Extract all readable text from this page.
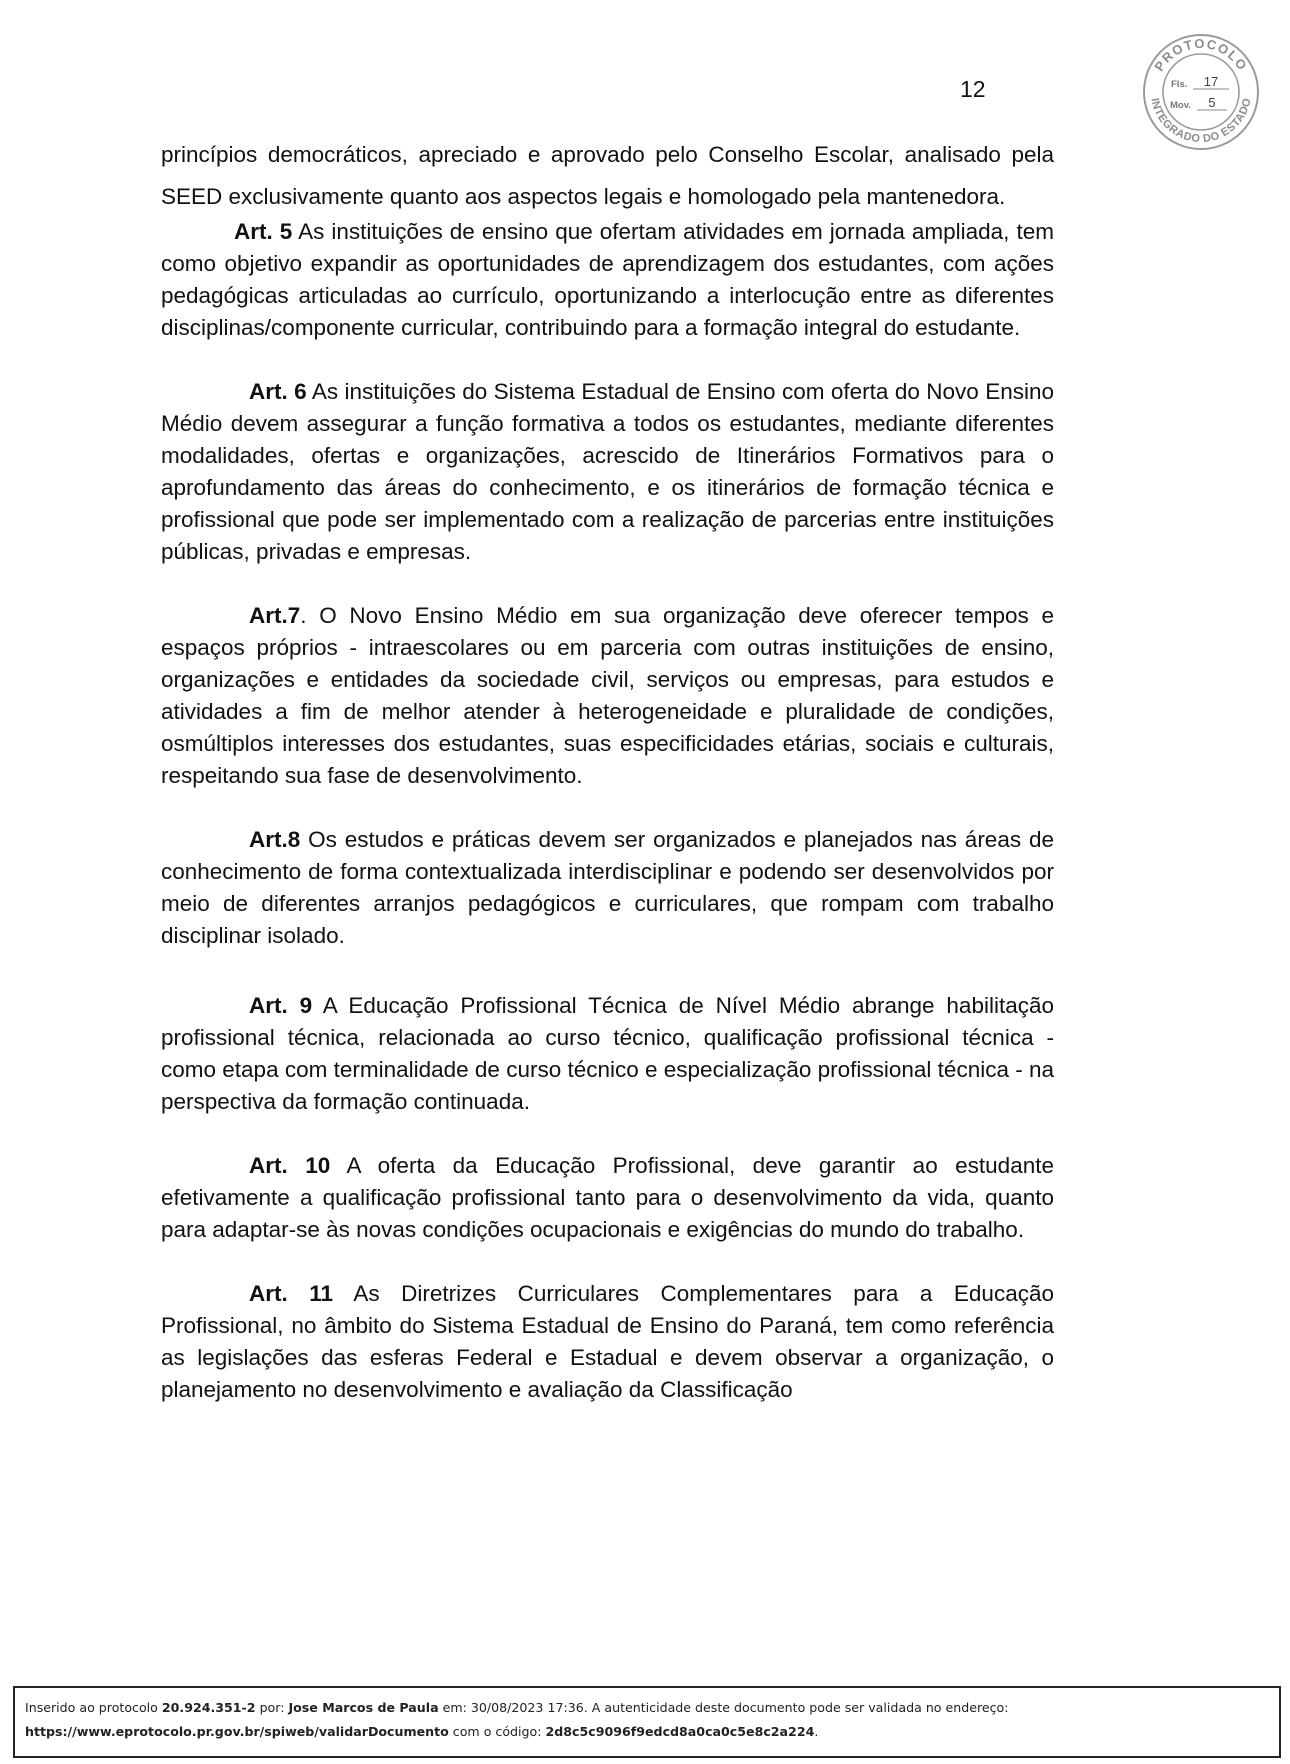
12
PROTOCOLO
INTEGRADO DO ESTADO
Fls. 17
Mov. 5

princípios democráticos, apreciado e aprovado pelo Conselho Escolar, analisado pela SEED exclusivamente quanto aos aspectos legais e homologado pela mantenedora.

Art. 5 As instituições de ensino que ofertam atividades em jornada ampliada, tem como objetivo expandir as oportunidades de aprendizagem dos estudantes, com ações pedagógicas articuladas ao currículo, oportunizando a interlocução entre as diferentes disciplinas/componente curricular, contribuindo para a formação integral do estudante.

Art. 6 As instituições do Sistema Estadual de Ensino com oferta do Novo Ensino Médio devem assegurar a função formativa a todos os estudantes, mediante diferentes modalidades, ofertas e organizações, acrescido de Itinerários Formativos para o aprofundamento das áreas do conhecimento, e os itinerários de formação técnica e profissional que pode ser implementado com a realização de parcerias entre instituições públicas, privadas e empresas.

Art.7. O Novo Ensino Médio em sua organização deve oferecer tempos e espaços próprios - intraescolares ou em parceria com outras instituições de ensino, organizações e entidades da sociedade civil, serviços ou empresas, para estudos e atividades a fim de melhor atender à heterogeneidade e pluralidade de condições, osmúltiplos interesses dos estudantes, suas especificidades etárias, sociais e culturais, respeitando sua fase de desenvolvimento.

Art.8 Os estudos e práticas devem ser organizados e planejados nas áreas de conhecimento de forma contextualizada interdisciplinar e podendo ser desenvolvidos por meio de diferentes arranjos pedagógicos e curriculares, que rompam com trabalho disciplinar isolado.

Art. 9 A Educação Profissional Técnica de Nível Médio abrange habilitação profissional técnica, relacionada ao curso técnico, qualificação profissional técnica - como etapa com terminalidade de curso técnico e especialização profissional técnica - na perspectiva da formação continuada.

Art. 10 A oferta da Educação Profissional, deve garantir ao estudante efetivamente a qualificação profissional tanto para o desenvolvimento da vida, quanto para adaptar-se às novas condições ocupacionais e exigências do mundo do trabalho.

Art. 11 As Diretrizes Curriculares Complementares para a Educação Profissional, no âmbito do Sistema Estadual de Ensino do Paraná, tem como referência as legislações das esferas Federal e Estadual e devem observar a organização, o planejamento no desenvolvimento e avaliação da Classificação

Inserido ao protocolo 20.924.351-2 por: Jose Marcos de Paula em: 30/08/2023 17:36. A autenticidade deste documento pode ser validada no endereço:
https://www.eprotocolo.pr.gov.br/spiweb/validarDocumento com o código: 2d8c5c9096f9edcd8a0ca0c5e8c2a224.
